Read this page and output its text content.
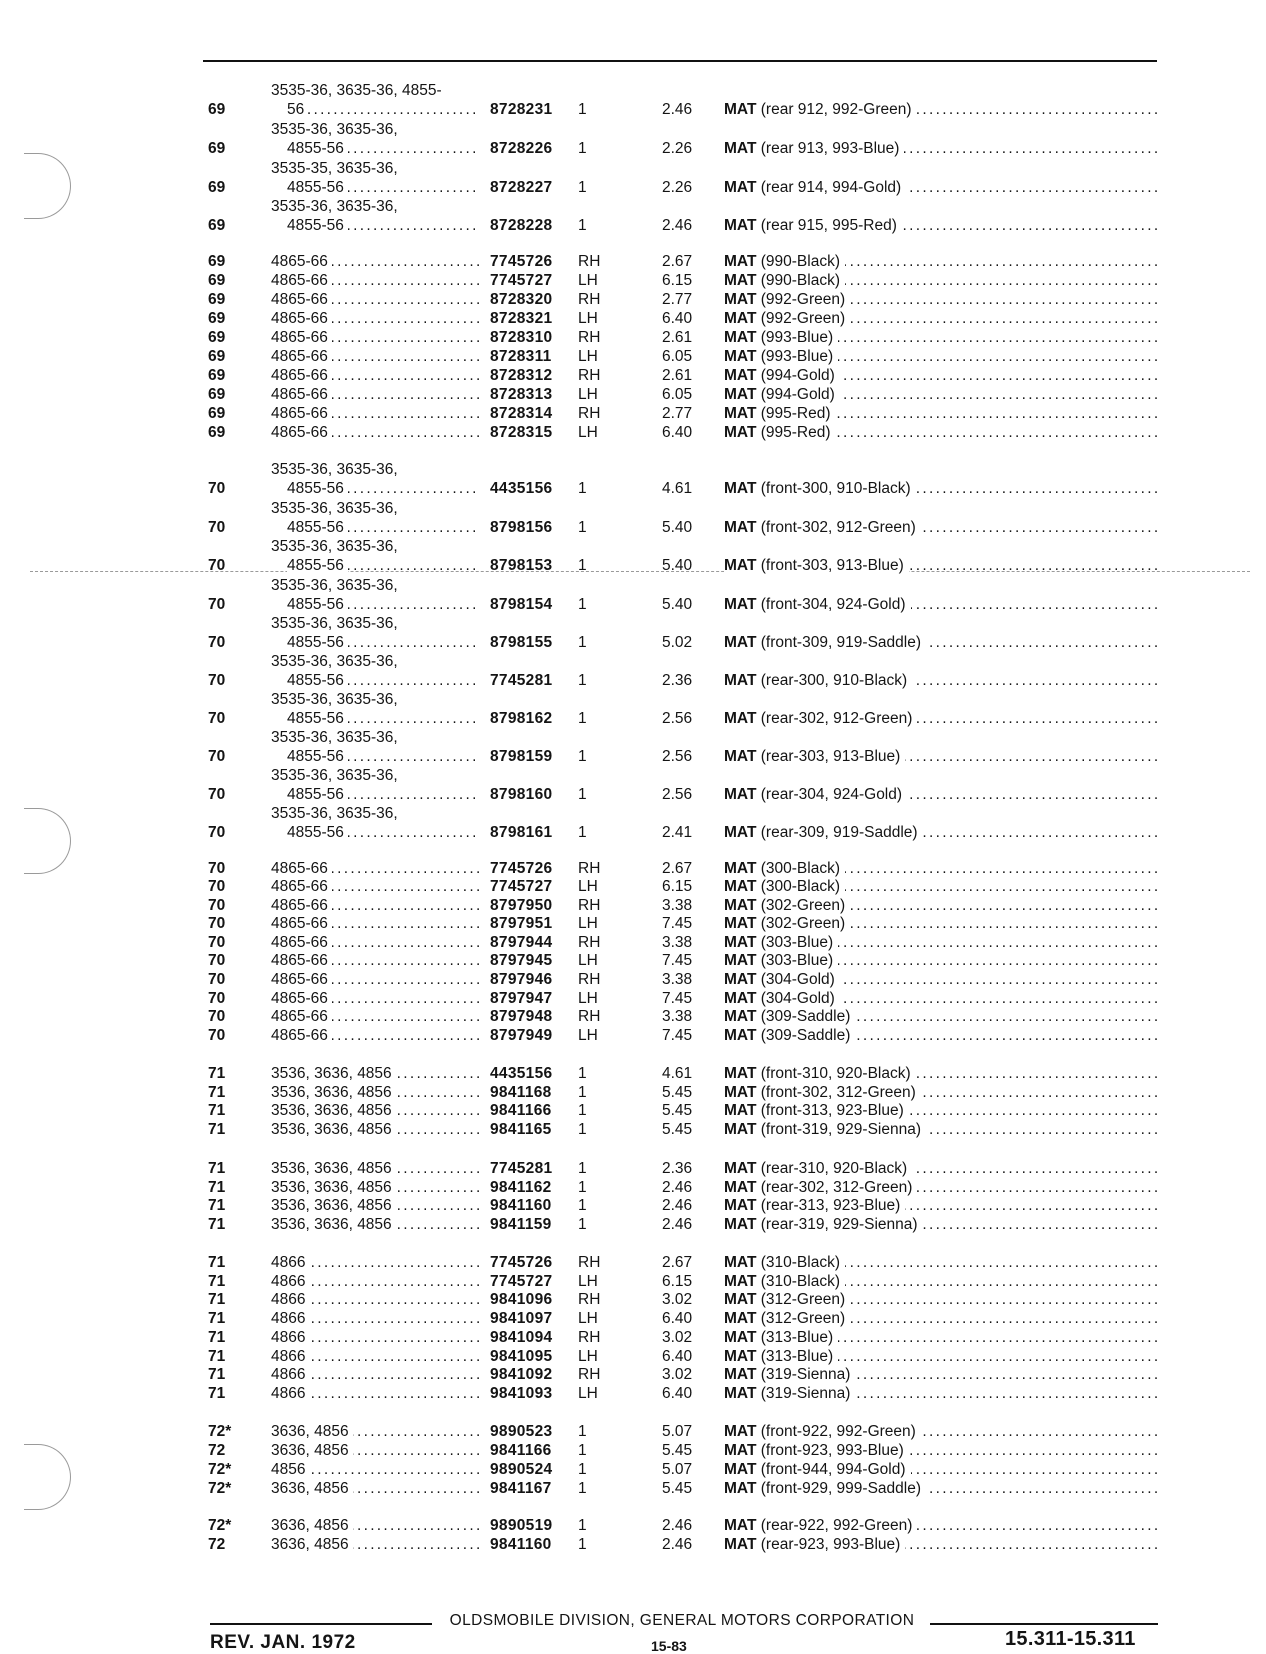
3535-36, 3635-36, 4855-
69	56 . . .	8728231 1	2.46 MAT (rear 912, 992-Green) . . .
3535-36, 3635-36,
69	4855-56 . . .	8728226 1	2.26 MAT (rear 913, 993-Blue) . . .
3535-35, 3635-36,
69	4855-56 . . .	8728227 1	2.26 MAT (rear 914, 994-Gold) . . .
3535-36, 3635-36,
69	4855-56 . . .	8728228 1	2.46 MAT (rear 915, 995-Red) . . .
69	4865-66 . . .	7745726 RH	2.67 MAT (990-Black) . . .
69	4865-66 . . .	7745727 LH	6.15 MAT (990-Black) . . .
69	4865-66 . . .	8728320 RH	2.77 MAT (992-Green) . . .
69	4865-66 . . .	8728321 LH	6.40 MAT (992-Green) . . .
69	4865-66 . . .	8728310 RH	2.61 MAT (993-Blue) . . .
69	4865-66 . . .	8728311 LH	6.05 MAT (993-Blue) . . .
69	4865-66 . . .	8728312 RH	2.61 MAT (994-Gold) . . .
69	4865-66 . . .	8728313 LH	6.05 MAT (994-Gold) . . .
69	4865-66 . . .	8728314 RH	2.77 MAT (995-Red) . . .
69	4865-66 . . .	8728315 LH	6.40 MAT (995-Red) . . .
3535-36, 3635-36,
70	4855-56 . . .	4435156 1	4.61 MAT (front-300, 910-Black) . . .
3535-36, 3635-36,
70	4855-56 . . .	8798156 1	5.40 MAT (front-302, 912-Green) . . .
3535-36, 3635-36,
70	4855-56 . . .	8798153 1	5.40 MAT (front-303, 913-Blue) . . .
3535-36, 3635-36,
70	4855-56 . . .	8798154 1	5.40 MAT (front-304, 924-Gold) . . .
3535-36, 3635-36,
70	4855-56 . . .	8798155 1	5.02 MAT (front-309, 919-Saddle) . . .
3535-36, 3635-36,
70	4855-56 . . .	7745281 1	2.36 MAT (rear-300, 910-Black) . . .
3535-36, 3635-36,
70	4855-56 . . .	8798162 1	2.56 MAT (rear-302, 912-Green) . . .
3535-36, 3635-36,
70	4855-56 . . .	8798159 1	2.56 MAT (rear-303, 913-Blue) . . .
3535-36, 3635-36,
70	4855-56 . . .	8798160 1	2.56 MAT (rear-304, 924-Gold) . . .
3535-36, 3635-36,
70	4855-56 . . .	8798161 1	2.41 MAT (rear-309, 919-Saddle) . . .
70	4865-66 . . .	7745726 RH	2.67 MAT (300-Black) . . .
70	4865-66 . . .	7745727 LH	6.15 MAT (300-Black) . . .
70	4865-66 . . .	8797950 RH	3.38 MAT (302-Green) . . .
70	4865-66 . . .	8797951 LH	7.45 MAT (302-Green) . . .
70	4865-66 . . .	8797944 RH	3.38 MAT (303-Blue) . . .
70	4865-66 . . .	8797945 LH	7.45 MAT (303-Blue) . . .
70	4865-66 . . .	8797946 RH	3.38 MAT (304-Gold) . . .
70	4865-66 . . .	8797947 LH	7.45 MAT (304-Gold) . . .
70	4865-66 . . .	8797948 RH	3.38 MAT (309-Saddle) . . .
70	4865-66 . . .	8797949 LH	7.45 MAT (309-Saddle) . . .
71	3536, 3636, 4856 . . .	4435156 1	4.61 MAT (front-310, 920-Black) . . .
71	3536, 3636, 4856 . . .	9841168 1	5.45 MAT (front-302, 312-Green) . . .
71	3536, 3636, 4856 . . .	9841166 1	5.45 MAT (front-313, 923-Blue) . . .
71	3536, 3636, 4856 . . .	9841165 1	5.45 MAT (front-319, 929-Sienna) . . .
71	3536, 3636, 4856 . . .	7745281 1	2.36 MAT (rear-310, 920-Black) . . .
71	3536, 3636, 4856 . . .	9841162 1	2.46 MAT (rear-302, 312-Green) . . .
71	3536, 3636, 4856 . . .	9841160 1	2.46 MAT (rear-313, 923-Blue) . . .
71	3536, 3636, 4856 . . .	9841159 1	2.46 MAT (rear-319, 929-Sienna) . . .
71	4866 . . .	7745726 RH	2.67 MAT (310-Black) . . .
71	4866 . . .	7745727 LH	6.15 MAT (310-Black) . . .
71	4866 . . .	9841096 RH	3.02 MAT (312-Green) . . .
71	4866 . . .	9841097 LH	6.40 MAT (312-Green) . . .
71	4866 . . .	9841094 RH	3.02 MAT (313-Blue) . . .
71	4866 . . .	9841095 LH	6.40 MAT (313-Blue) . . .
71	4866 . . .	9841092 RH	3.02 MAT (319-Sienna) . . .
71	4866 . . .	9841093 LH	6.40 MAT (319-Sienna) . . .
72*	3636, 4856 . . .	9890523 1	5.07 MAT (front-922, 992-Green) . . .
72	3636, 4856 . . .	9841166 1	5.45 MAT (front-923, 993-Blue) . . .
72*	4856 . . .	9890524 1	5.07 MAT (front-944, 994-Gold) . . .
72*	3636, 4856 . . .	9841167 1	5.45 MAT (front-929, 999-Saddle) . . .
72*	3636, 4856 . . .	9890519 1	2.46 MAT (rear-922, 992-Green) . . .
72	3636, 4856 . . .	9841160 1	2.46 MAT (rear-923, 993-Blue) . . .
OLDSMOBILE DIVISION, GENERAL MOTORS CORPORATION
REV. JAN. 1972	15-83	15.311-15.311
